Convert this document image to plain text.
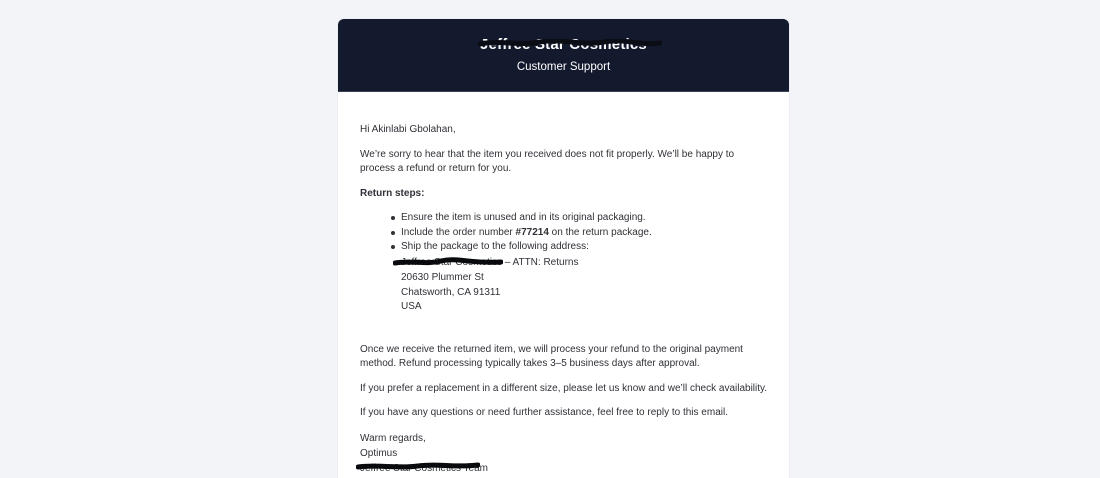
Jeffree Star Cosmetics
Customer Support

Hi Akinlabi Gbolahan,

We’re sorry to hear that the item you received does not fit properly. We’ll be happy to process a refund or return for you.

Return steps:

Ensure the item is unused and in its original packaging.
Include the order number #77214 on the return package.
Ship the package to the following address:
Jeffree Star Cosmetics – ATTN: Returns
20630 Plummer St
Chatsworth, CA 91311
USA

Once we receive the returned item, we will process your refund to the original payment method. Refund processing typically takes 3–5 business days after approval.

If you prefer a replacement in a different size, please let us know and we’ll check availability.

If you have any questions or need further assistance, feel free to reply to this email.

Warm regards,
Optimus
Jeffree Star Cosmetics Team
